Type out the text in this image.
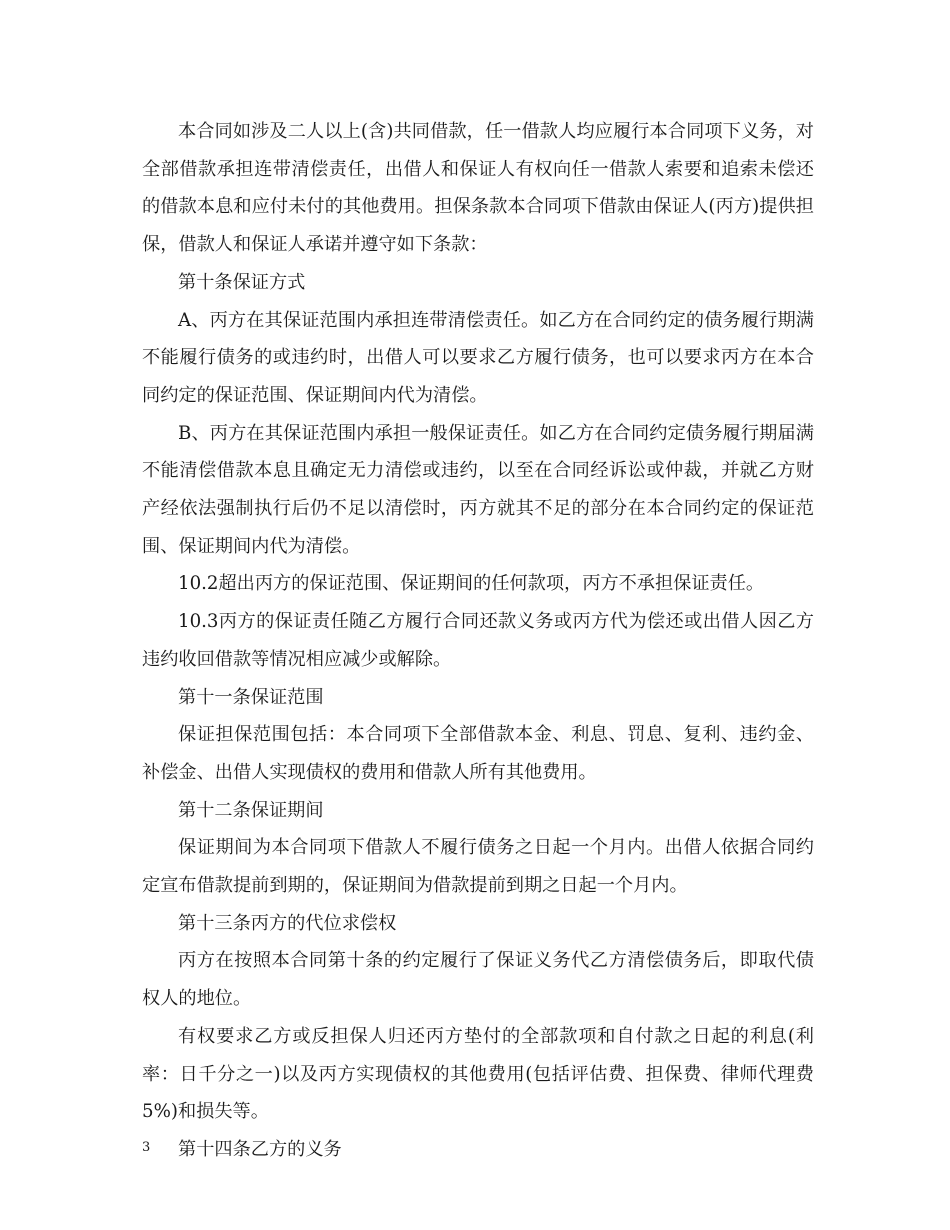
本合同如涉及二人以上(含)共同借款，任一借款人均应履行本合同项下义务，对全部借款承担连带清偿责任，出借人和保证人有权向任一借款人索要和追索未偿还的借款本息和应付未付的其他费用。担保条款本合同项下借款由保证人(丙方)提供担保，借款人和保证人承诺并遵守如下条款：

第十条保证方式

A、丙方在其保证范围内承担连带清偿责任。如乙方在合同约定的债务履行期满不能履行债务的或违约时，出借人可以要求乙方履行债务，也可以要求丙方在本合同约定的保证范围、保证期间内代为清偿。

B、丙方在其保证范围内承担一般保证责任。如乙方在合同约定债务履行期届满不能清偿借款本息且确定无力清偿或违约，以至在合同经诉讼或仲裁，并就乙方财产经依法强制执行后仍不足以清偿时，丙方就其不足的部分在本合同约定的保证范围、保证期间内代为清偿。

10.2超出丙方的保证范围、保证期间的任何款项，丙方不承担保证责任。

10.3丙方的保证责任随乙方履行合同还款义务或丙方代为偿还或出借人因乙方违约收回借款等情况相应减少或解除。

第十一条保证范围

保证担保范围包括：本合同项下全部借款本金、利息、罚息、复利、违约金、补偿金、出借人实现债权的费用和借款人所有其他费用。

第十二条保证期间

保证期间为本合同项下借款人不履行债务之日起一个月内。出借人依据合同约定宣布借款提前到期的，保证期间为借款提前到期之日起一个月内。

第十三条丙方的代位求偿权

丙方在按照本合同第十条的约定履行了保证义务代乙方清偿债务后，即取代债权人的地位。

有权要求乙方或反担保人归还丙方垫付的全部款项和自付款之日起的利息(利率：日千分之一)以及丙方实现债权的其他费用(包括评估费、担保费、律师代理费5%)和损失等。

第十四条乙方的义务

3
